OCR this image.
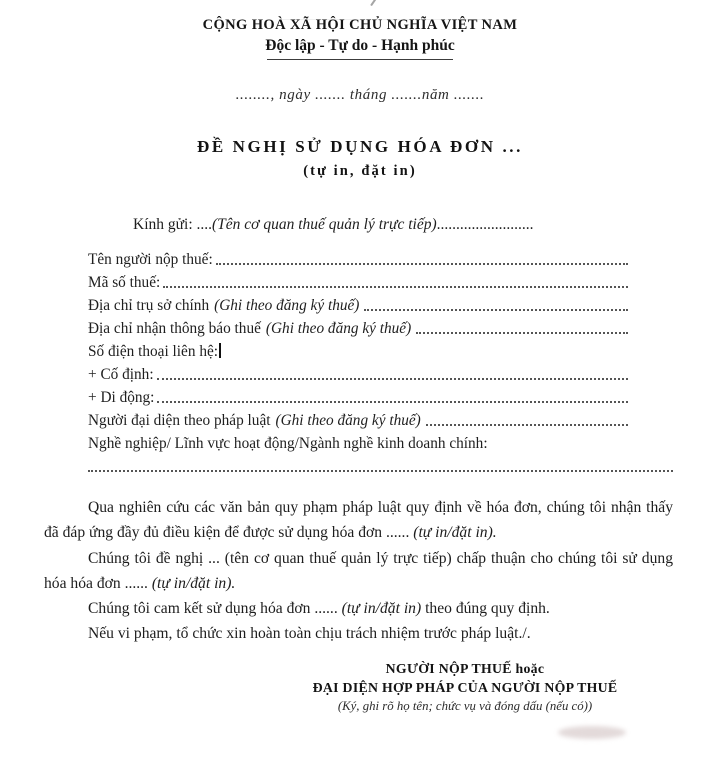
CỘNG HOÀ XÃ HỘI CHỦ NGHĨA VIỆT NAM
Độc lập - Tự do - Hạnh phúc
........, ngày ....... tháng .......năm .......
ĐỀ NGHỊ SỬ DỤNG HÓA ĐƠN ...
(tự in, đặt in)
Kính gửi: ....(Tên cơ quan thuế quản lý trực tiếp).........................
Tên người nộp thuế:
Mã số thuế:
Địa chỉ trụ sở chính (Ghi theo đăng ký thuế)
Địa chỉ nhận thông báo thuế (Ghi theo đăng ký thuế)
Số điện thoại liên hệ:
+ Cố định:
+ Di động:
Người đại diện theo pháp luật (Ghi theo đăng ký thuế)
Nghề nghiệp/ Lĩnh vực hoạt động/Ngành nghề kinh doanh chính:
Qua nghiên cứu các văn bản quy phạm pháp luật quy định về hóa đơn, chúng tôi nhận thấy đã đáp ứng đầy đủ điều kiện để được sử dụng hóa đơn ...... (tự in/đặt in).
Chúng tôi đề nghị ... (tên cơ quan thuế quản lý trực tiếp) chấp thuận cho chúng tôi sử dụng hóa hóa đơn ...... (tự in/đặt in).
Chúng tôi cam kết sử dụng hóa đơn ...... (tự in/đặt in) theo đúng quy định.
Nếu vi phạm, tổ chức xin hoàn toàn chịu trách nhiệm trước pháp luật./.
NGƯỜI NỘP THUẾ hoặc
ĐẠI DIỆN HỢP PHÁP CỦA NGƯỜI NỘP THUẾ
(Ký, ghi rõ họ tên; chức vụ và đóng dấu (nếu có))
